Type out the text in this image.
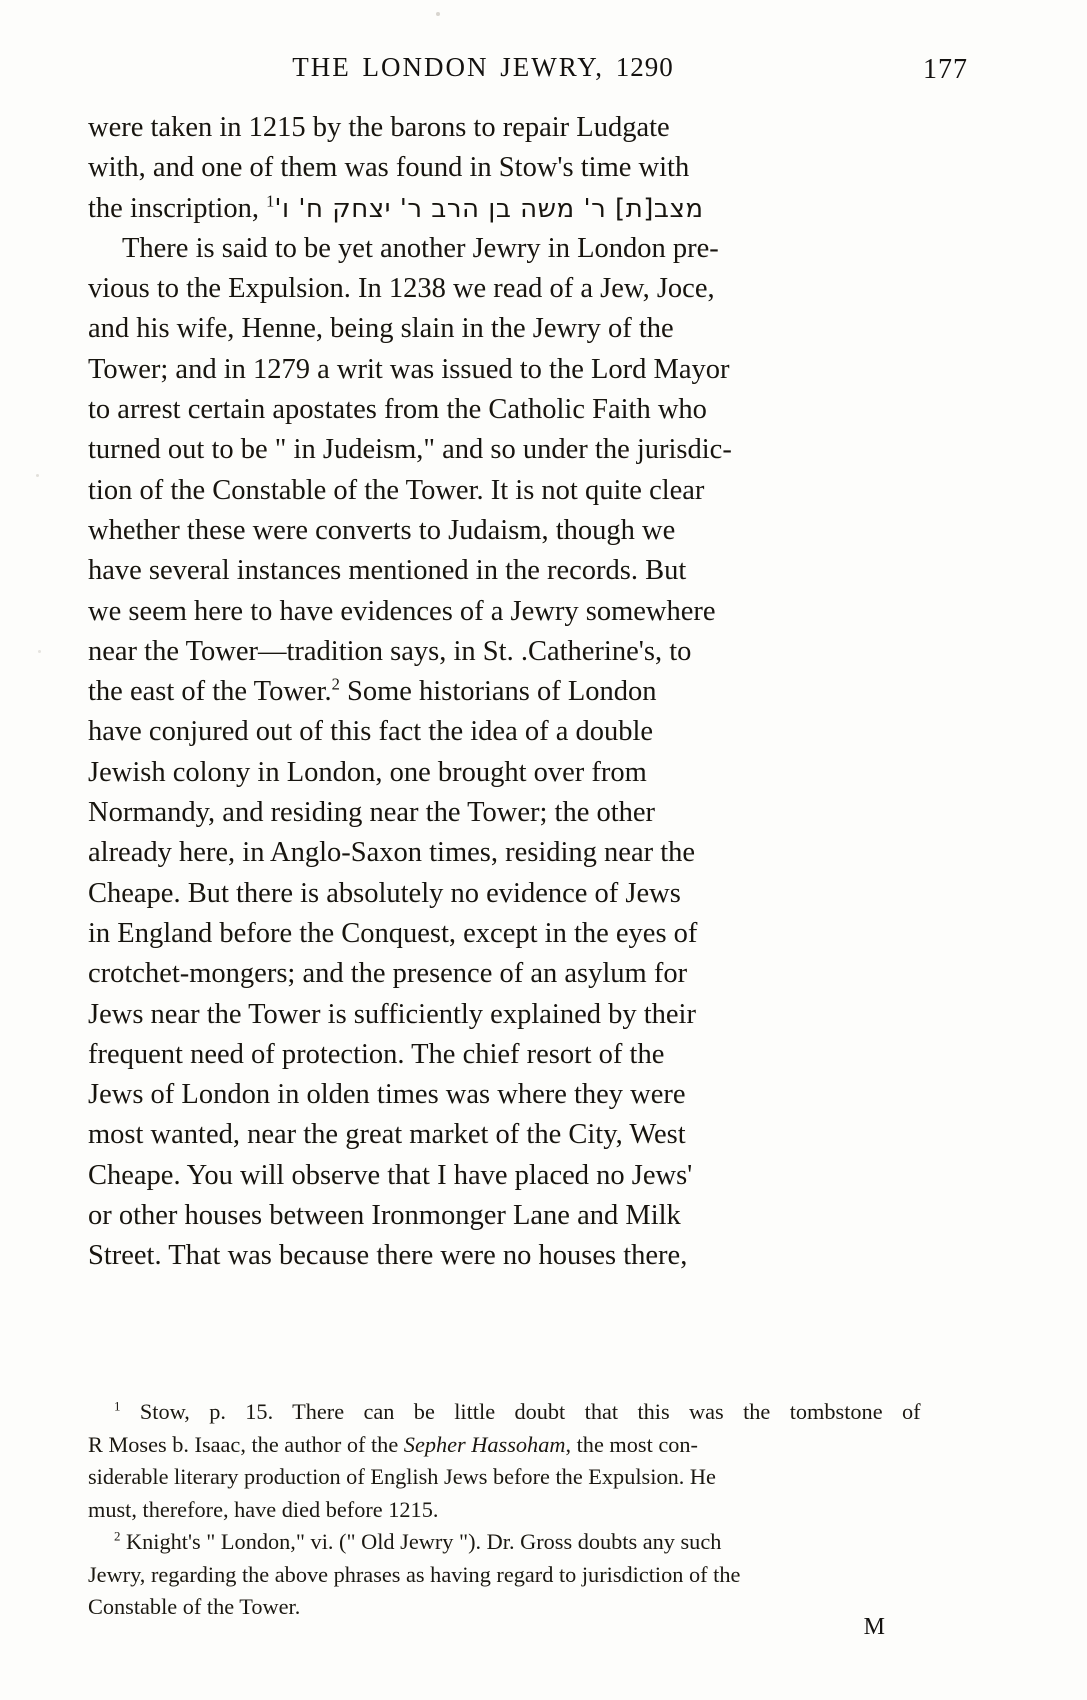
THE LONDON JEWRY, 1290	177
were taken in 1215 by the barons to repair Ludgate
with, and one of them was found in Stow's time with
the inscription, מצב[ת] ר' משה בן הרב ר' יצחק ח' ו'$^1$
There is said to be yet another Jewry in London pre-
vious to the Expulsion. In 1238 we read of a Jew, Joce,
and his wife, Henne, being slain in the Jewry of the
Tower; and in 1279 a writ was issued to the Lord Mayor
to arrest certain apostates from the Catholic Faith who
turned out to be " in Judeism," and so under the jurisdic-
tion of the Constable of the Tower. It is not quite clear
whether these were converts to Judaism, though we
have several instances mentioned in the records. But
we seem here to have evidences of a Jewry somewhere
near the Tower—tradition says, in St. .Catherine's, to
the east of the Tower.$^2$ Some historians of London
have conjured out of this fact the idea of a double
Jewish colony in London, one brought over from
Normandy, and residing near the Tower; the other
already here, in Anglo-Saxon times, residing near the
Cheape. But there is absolutely no evidence of Jews
in England before the Conquest, except in the eyes of
crotchet-mongers; and the presence of an asylum for
Jews near the Tower is sufficiently explained by their
frequent need of protection. The chief resort of the
Jews of London in olden times was where they were
most wanted, near the great market of the City, West
Cheape. You will observe that I have placed no Jews'
or other houses between Ironmonger Lane and Milk
Street. That was because there were no houses there,
$^1$ Stow, p. 15. There can be little doubt that this was the tombstone of
R Moses b. Isaac, the author of the Sepher Hassoham, the most con-
siderable literary production of English Jews before the Expulsion. He
must, therefore, have died before 1215.
$^2$ Knight's " London," vi. (" Old Jewry "). Dr. Gross doubts any such
Jewry, regarding the above phrases as having regard to jurisdiction of the
Constable of the Tower.
M
